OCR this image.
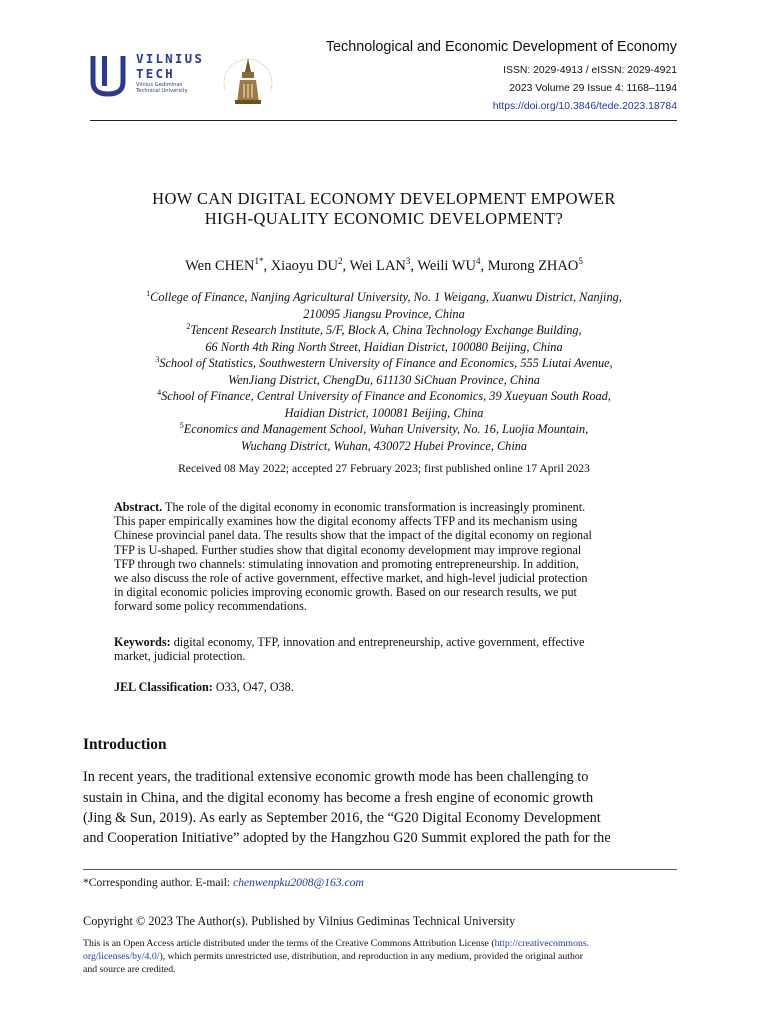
VILNIUS
TECH
Vilnius Gediminas
Technical University
Technological and Economic Development of Economy
ISSN: 2029-4913 / eISSN: 2029-4921
2023 Volume 29 Issue 4: 1168–1194
https://doi.org/10.3846/tede.2023.18784
HOW CAN DIGITAL ECONOMY DEVELOPMENT EMPOWER
HIGH-QUALITY ECONOMIC DEVELOPMENT?
Wen $CHEN^{1*}$, Xiaoyu $DU^2$, Wei LAN$^3$, Weili $WU^4$, Murong ZHAO$^5$
$^1$College of Finance, Nanjing Agricultural University, No. 1 Weigang, Xuanwu District, Nanjing,
210095 Jiangsu Province, China
$^2$Tencent Research Institute, 5/F, Block A, China Technology Exchange Building,
66 North 4th Ring North Street, Haidian District, 100080 Beijing, China
$^3$School of Statistics, Southwestern University of Finance and Economics, 555 Liutai Avenue,
WenJiang District, ChengDu, 611130 SiChuan Province, China
$^4$School of Finance, Central University of Finance and Economics, 39 Xueyuan South Road,
Haidian District, 100081 Beijing, China
$^5$Economics and Management School, Wuhan University, No. 16, Luojia Mountain,
Wuchang District, Wuhan, 430072 Hubei Province, China
Received 08 May 2022; accepted 27 February 2023; first published online 17 April 2023
Abstract. The role of the digital economy in economic transformation is increasingly prominent.
This paper empirically examines how the digital economy affects TFP and its mechanism using
Chinese provincial panel data. The results show that the impact of the digital economy on regional
TFP is U-shaped. Further studies show that digital economy development may improve regional
TFP through two channels: stimulating innovation and promoting entrepreneurship. In addition,
we also discuss the role of active government, effective market, and high-level judicial protection
in digital economic policies improving economic growth. Based on our research results, we put
forward some policy recommendations.
Keywords: digital economy, TFP, innovation and entrepreneurship, active government, effective
market, judicial protection.
JEL Classification: O33, O47, O38.
Introduction
In recent years, the traditional extensive economic growth mode has been challenging to
sustain in China, and the digital economy has become a fresh engine of economic growth
(Jing & Sun, 2019). As early as September 2016, the “G20 Digital Economy Development
and Cooperation Initiative” adopted by the Hangzhou G20 Summit explored the path for the
*Corresponding author. E-mail: chenwenpku2008@163.com
Copyright © 2023 The Author(s). Published by Vilnius Gediminas Technical University
This is an Open Access article distributed under the terms of the Creative Commons Attribution License (http://creativecommons.
org/licenses/by/4.0/), which permits unrestricted use, distribution, and reproduction in any medium, provided the original author
and source are credited.
